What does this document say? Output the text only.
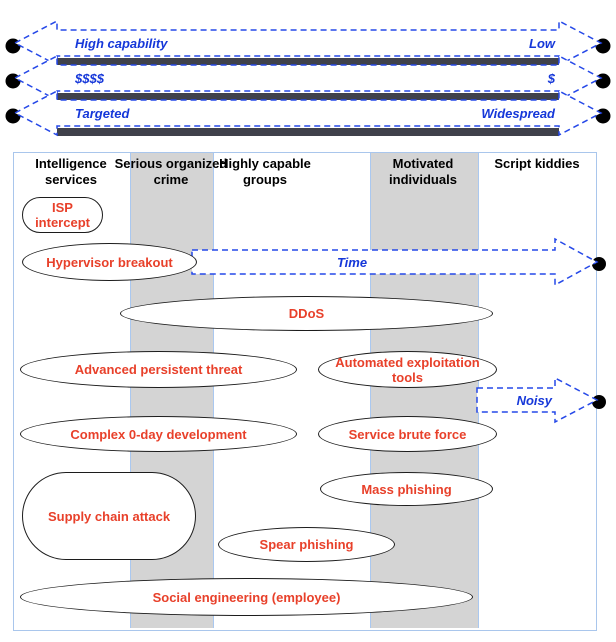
High capability	Low
$$$$	$
Targeted	Widespread
Intelligence
services
Serious organized
crime
Highly capable
groups
Motivated
individuals
Script kiddies
Time
Noisy
ISP intercept
Hypervisor breakout
DDoS
Advanced persistent threat	Automated exploitation tools
Complex 0-day development	Service brute force
Supply chain attack
Mass phishing
Spear phishing
Social engineering (employee)
